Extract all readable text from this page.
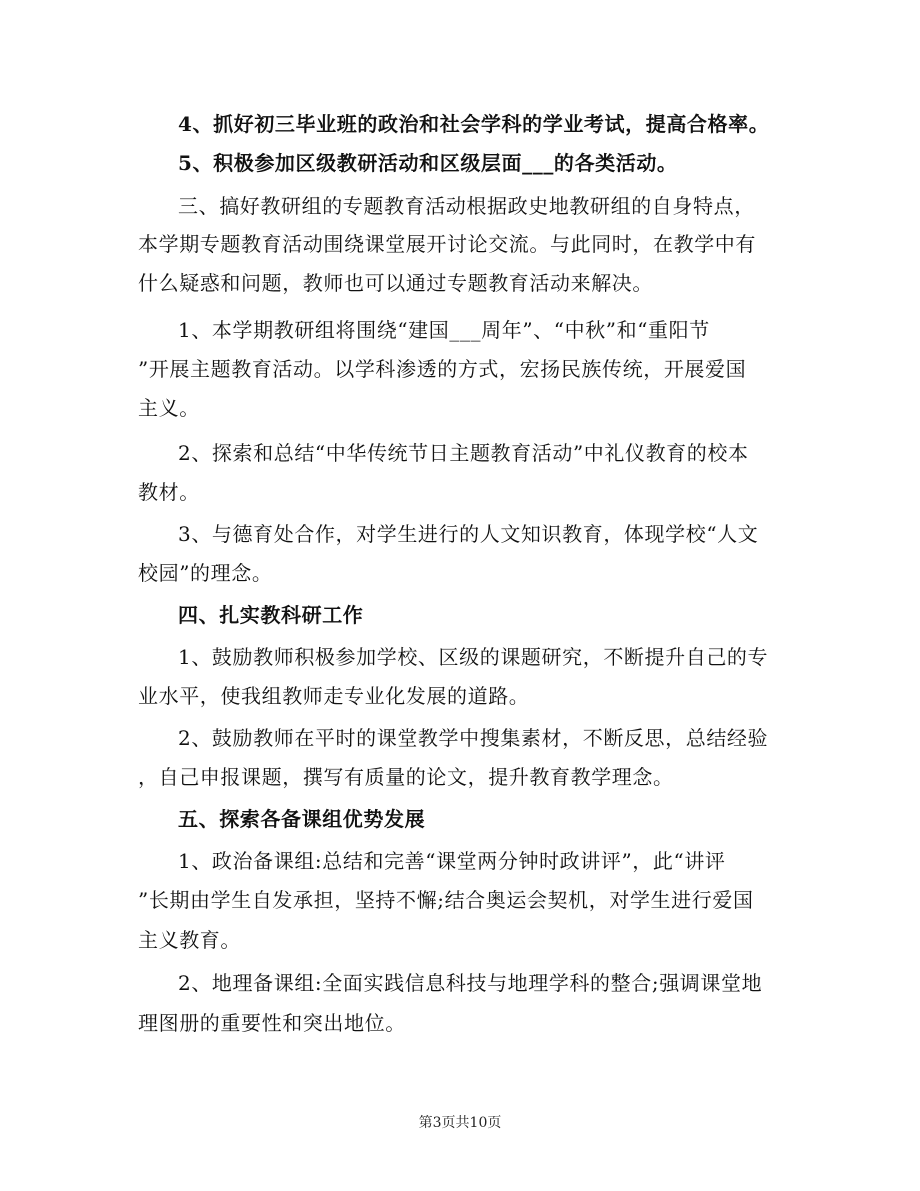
4、抓好初三毕业班的政治和社会学科的学业考试，提高合格率。
5、积极参加区级教研活动和区级层面___的各类活动。
三、搞好教研组的专题教育活动根据政史地教研组的自身特点，
本学期专题教育活动围绕课堂展开讨论交流。与此同时，在教学中有
什么疑惑和问题，教师也可以通过专题教育活动来解决。
1、本学期教研组将围绕“建国___周年”、“中秋”和“重阳节
”开展主题教育活动。以学科渗透的方式，宏扬民族传统，开展爱国
主义。
2、探索和总结“中华传统节日主题教育活动”中礼仪教育的校本
教材。
3、与德育处合作，对学生进行的人文知识教育，体现学校“人文
校园”的理念。
四、扎实教科研工作
1、鼓励教师积极参加学校、区级的课题研究，不断提升自己的专
业水平，使我组教师走专业化发展的道路。
2、鼓励教师在平时的课堂教学中搜集素材，不断反思，总结经验
，自己申报课题，撰写有质量的论文，提升教育教学理念。
五、探索各备课组优势发展
1、政治备课组:总结和完善“课堂两分钟时政讲评”，此“讲评
”长期由学生自发承担，坚持不懈;结合奥运会契机，对学生进行爱国
主义教育。
2、地理备课组:全面实践信息科技与地理学科的整合;强调课堂地
理图册的重要性和突出地位。
第3页共10页
